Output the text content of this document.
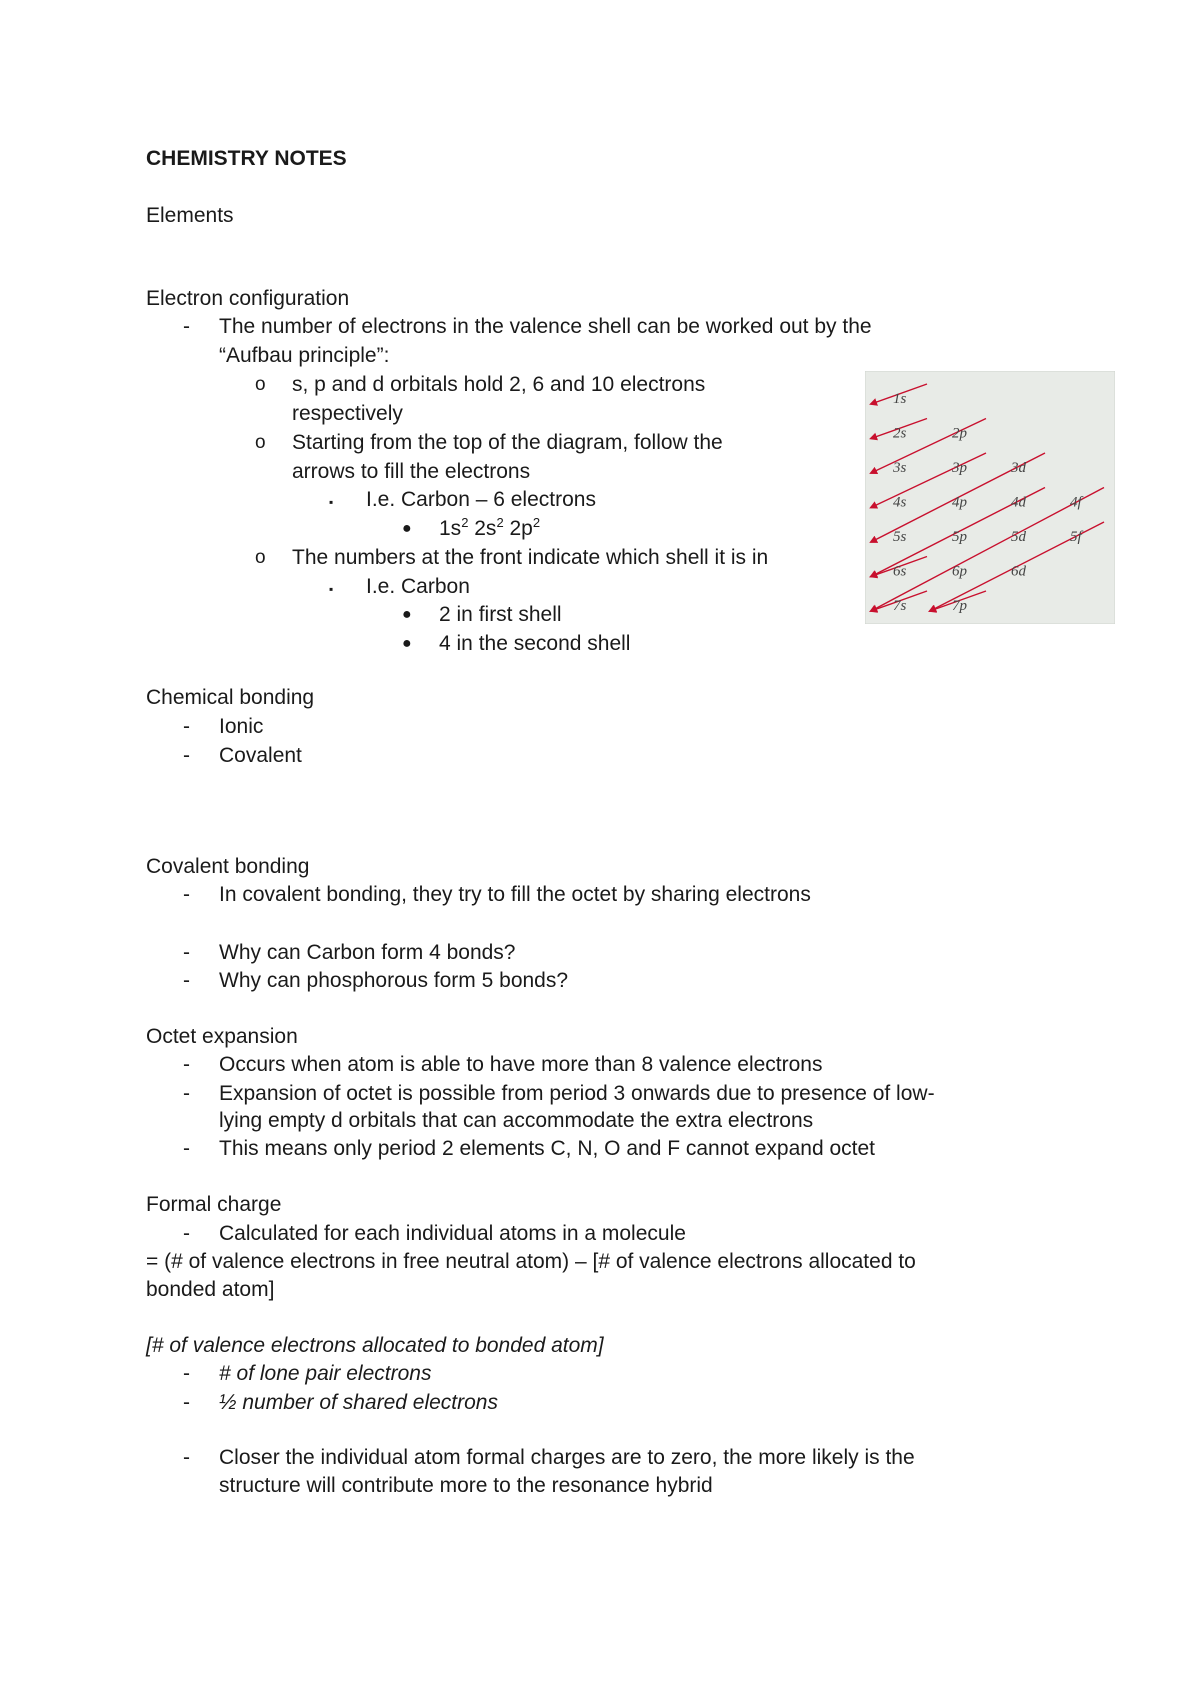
CHEMISTRY NOTES
Elements
Electron configuration
- The number of electrons in the valence shell can be worked out by the
“Aufbau principle”:
o s, p and d orbitals hold 2, 6 and 10 electrons
respectively
o Starting from the top of the diagram, follow the
arrows to fill the electrons
▪ I.e. Carbon – 6 electrons
● $1s^2$ $2s^2$ $2p^2$
o The numbers at the front indicate which shell it is in
▪ I.e. Carbon
● 2 in first shell
● 4 in the second shell
1s
2s	2p
3s	3p	3d
4s	4p	4d	4f
5s	5p	5d	5f
6s	6p	6d
7s	7p
Chemical bonding
- Ionic
- Covalent
Covalent bonding
- In covalent bonding, they try to fill the octet by sharing electrons
- Why can Carbon form 4 bonds?
- Why can phosphorous form 5 bonds?
Octet expansion
- Occurs when atom is able to have more than 8 valence electrons
- Expansion of octet is possible from period 3 onwards due to presence of low-
lying empty d orbitals that can accommodate the extra electrons
- This means only period 2 elements C, N, O and F cannot expand octet
Formal charge
- Calculated for each individual atoms in a molecule
= (# of valence electrons in free neutral atom) – [# of valence electrons allocated to
bonded atom]
[# of valence electrons allocated to bonded atom]
- # of lone pair electrons
- ½ number of shared electrons
- Closer the individual atom formal charges are to zero, the more likely is the
structure will contribute more to the resonance hybrid
